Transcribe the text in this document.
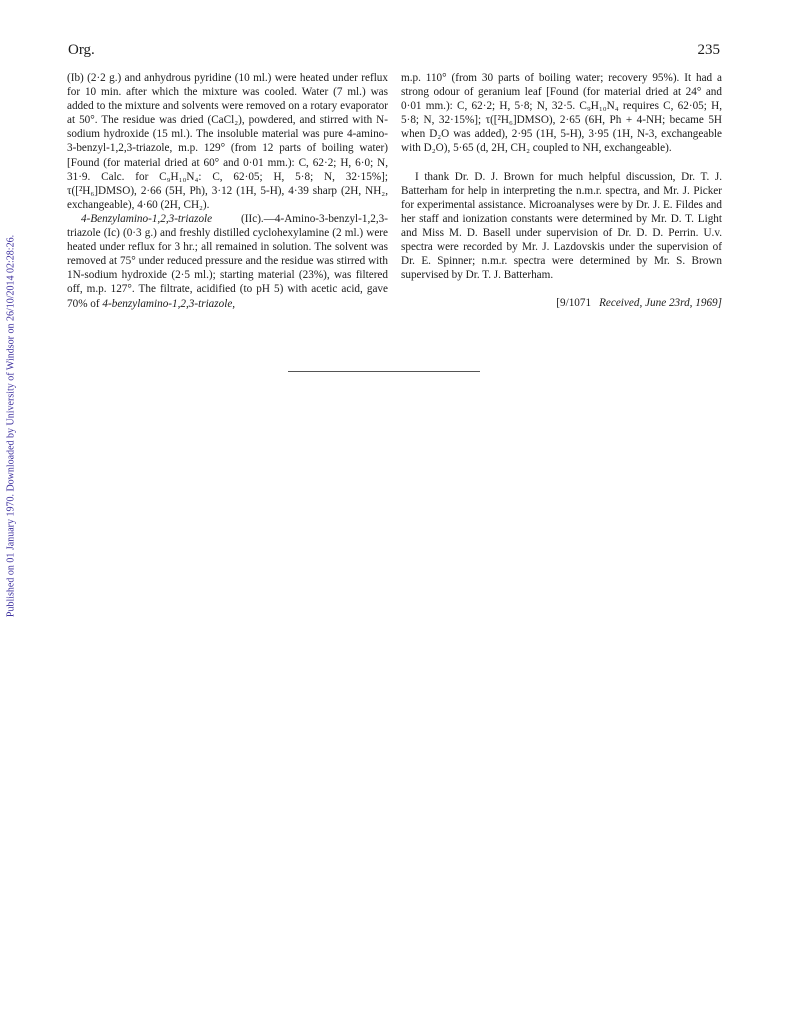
Org.	235
Published on 01 January 1970. Downloaded by University of Windsor on 26/10/2014 02:28:26.

(Ib) (2·2 g.) and anhydrous pyridine (10 ml.) were heated under reflux for 10 min. after which the mixture was cooled. Water (7 ml.) was added to the mixture and solvents were removed on a rotary evaporator at 50°. The residue was dried (CaCl₂), powdered, and stirred with N-sodium hydroxide (15 ml.). The insoluble material was pure 4-amino-3-benzyl-1,2,3-triazole, m.p. 129° (from 12 parts of boiling water) [Found (for material dried at 60° and 0·01 mm.): C, 62·2; H, 6·0; N, 31·9. Calc. for C₉H₁₀N₄: C, 62·05; H, 5·8; N, 32·15%]; τ([²H₆]DMSO), 2·66 (5H, Ph), 3·12 (1H, 5-H), 4·39 sharp (2H, NH₂, exchangeable), 4·60 (2H, CH₂).

4-Benzylamino-1,2,3-triazole (IIc).—4-Amino-3-benzyl-1,2,3-triazole (Ic) (0·3 g.) and freshly distilled cyclohexylamine (2 ml.) were heated under reflux for 3 hr.; all remained in solution. The solvent was removed at 75° under reduced pressure and the residue was stirred with 1N-sodium hydroxide (2·5 ml.); starting material (23%), was filtered off, m.p. 127°. The filtrate, acidified (to pH 5) with acetic acid, gave 70% of 4-benzylamino-1,2,3-triazole,

m.p. 110° (from 30 parts of boiling water; recovery 95%). It had a strong odour of geranium leaf [Found (for material dried at 24° and 0·01 mm.): C, 62·2; H, 5·8; N, 32·5. C₉H₁₀N₄ requires C, 62·05; H, 5·8; N, 32·15%]; τ([²H₆]DMSO), 2·65 (6H, Ph + 4-NH; became 5H when D₂O was added), 2·95 (1H, 5-H), 3·95 (1H, N-3, exchangeable with D₂O), 5·65 (d, 2H, CH₂ coupled to NH, exchangeable).

I thank Dr. D. J. Brown for much helpful discussion, Dr. T. J. Batterham for help in interpreting the n.m.r. spectra, and Mr. J. Picker for experimental assistance. Microanalyses were by Dr. J. E. Fildes and her staff and ionization constants were determined by Mr. D. T. Light and Miss M. D. Basell under supervision of Dr. D. D. Perrin. U.v. spectra were recorded by Mr. J. Lazdovskis under the supervision of Dr. E. Spinner; n.m.r. spectra were determined by Mr. S. Brown supervised by Dr. T. J. Batterham.

[9/1071 Received, June 23rd, 1969]
